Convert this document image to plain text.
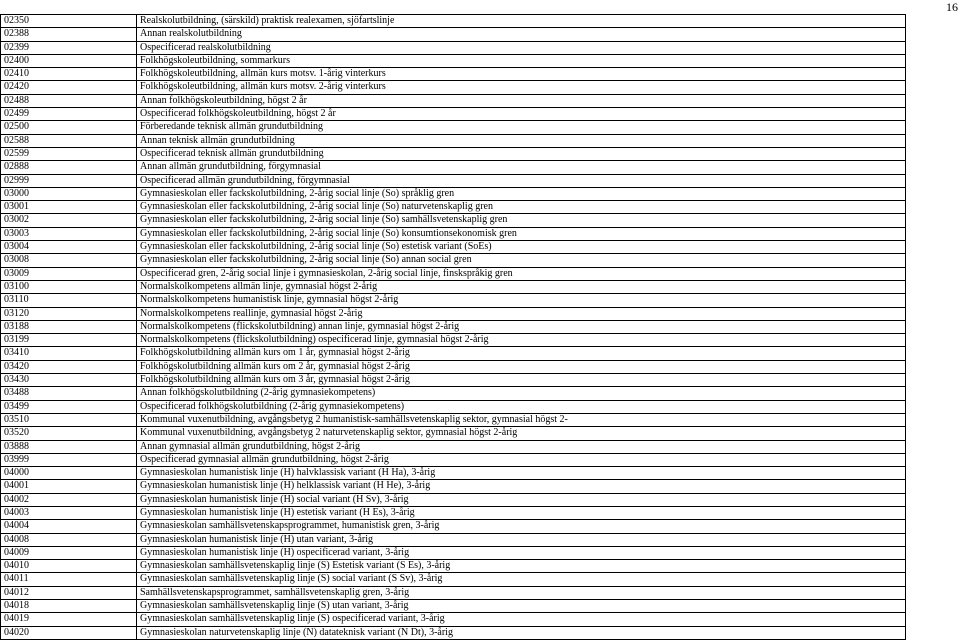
16
02350	Realskolutbildning, (särskild) praktisk realexamen, sjöfartslinje
02388	Annan realskolutbildning
02399	Ospecificerad realskolutbildning
02400	Folkhögskoleutbildning, sommarkurs
02410	Folkhögskoleutbildning, allmän kurs motsv. 1-årig vinterkurs
02420	Folkhögskoleutbildning, allmän kurs motsv. 2-årig vinterkurs
02488	Annan folkhögskoleutbildning, högst 2 år
02499	Ospecificerad folkhögskoleutbildning, högst 2 år
02500	Förberedande teknisk allmän grundutbildning
02588	Annan teknisk allmän grundutbildning
02599	Ospecificerad teknisk allmän grundutbildning
02888	Annan allmän grundutbildning, förgymnasial
02999	Ospecificerad allmän grundutbildning, förgymnasial
03000	Gymnasieskolan eller fackskolutbildning, 2-årig social linje (So) språklig gren
03001	Gymnasieskolan eller fackskolutbildning, 2-årig social linje (So) naturvetenskaplig gren
03002	Gymnasieskolan eller fackskolutbildning, 2-årig social linje (So) samhällsvetenskaplig gren
03003	Gymnasieskolan eller fackskolutbildning, 2-årig social linje (So) konsumtionsekonomisk gren
03004	Gymnasieskolan eller fackskolutbildning, 2-årig social linje (So) estetisk variant (SoEs)
03008	Gymnasieskolan eller fackskolutbildning, 2-årig social linje (So) annan social gren
03009	Ospecificerad gren, 2-årig social linje i gymnasieskolan, 2-årig social linje, finskspråkig gren
03100	Normalskolkompetens allmän linje, gymnasial högst 2-årig
03110	Normalskolkompetens humanistisk linje, gymnasial högst 2-årig
03120	Normalskolkompetens reallinje, gymnasial högst 2-årig
03188	Normalskolkompetens (flickskolutbildning) annan linje, gymnasial högst 2-årig
03199	Normalskolkompetens (flickskolutbildning) ospecificerad linje, gymnasial högst 2-årig
03410	Folkhögskolutbildning allmän kurs om 1 år, gymnasial högst 2-årig
03420	Folkhögskolutbildning allmän kurs om 2 år, gymnasial högst 2-årig
03430	Folkhögskolutbildning allmän kurs om 3 år, gymnasial högst 2-årig
03488	Annan folkhögskolutbildning (2-årig gymnasiekompetens)
03499	Ospecificerad folkhögskolutbildning (2-årig gymnasiekompetens)
03510	Kommunal vuxenutbildning, avgångsbetyg 2 humanistisk-samhällsvetenskaplig sektor, gymnasial högst 2-
03520	Kommunal vuxenutbildning, avgångsbetyg 2 naturvetenskaplig sektor, gymnasial högst 2-årig
03888	Annan gymnasial allmän grundutbildning, högst 2-årig
03999	Ospecificerad gymnasial allmän grundutbildning, högst 2-årig
04000	Gymnasieskolan humanistisk linje (H) halvklassisk variant (H Ha), 3-årig
04001	Gymnasieskolan humanistisk linje (H) helklassisk variant (H He), 3-årig
04002	Gymnasieskolan humanistisk linje (H) social variant (H Sv), 3-årig
04003	Gymnasieskolan humanistisk linje (H) estetisk variant (H Es), 3-årig
04004	Gymnasieskolan samhällsvetenskapsprogrammet, humanistisk gren, 3-årig
04008	Gymnasieskolan humanistisk linje (H) utan variant, 3-årig
04009	Gymnasieskolan humanistisk linje (H) ospecificerad variant, 3-årig
04010	Gymnasieskolan samhällsvetenskaplig linje (S) Estetisk variant (S Es), 3-årig
04011	Gymnasieskolan samhällsvetenskaplig linje (S) social variant (S Sv), 3-årig
04012	Samhällsvetenskapsprogrammet, samhällsvetenskaplig gren, 3-årig
04018	Gymnasieskolan samhällsvetenskaplig linje (S) utan variant, 3-årig
04019	Gymnasieskolan samhällsvetenskaplig linje (S) ospecificerad variant, 3-årig
04020	Gymnasieskolan naturvetenskaplig linje (N) datateknisk variant (N Dt), 3-årig
